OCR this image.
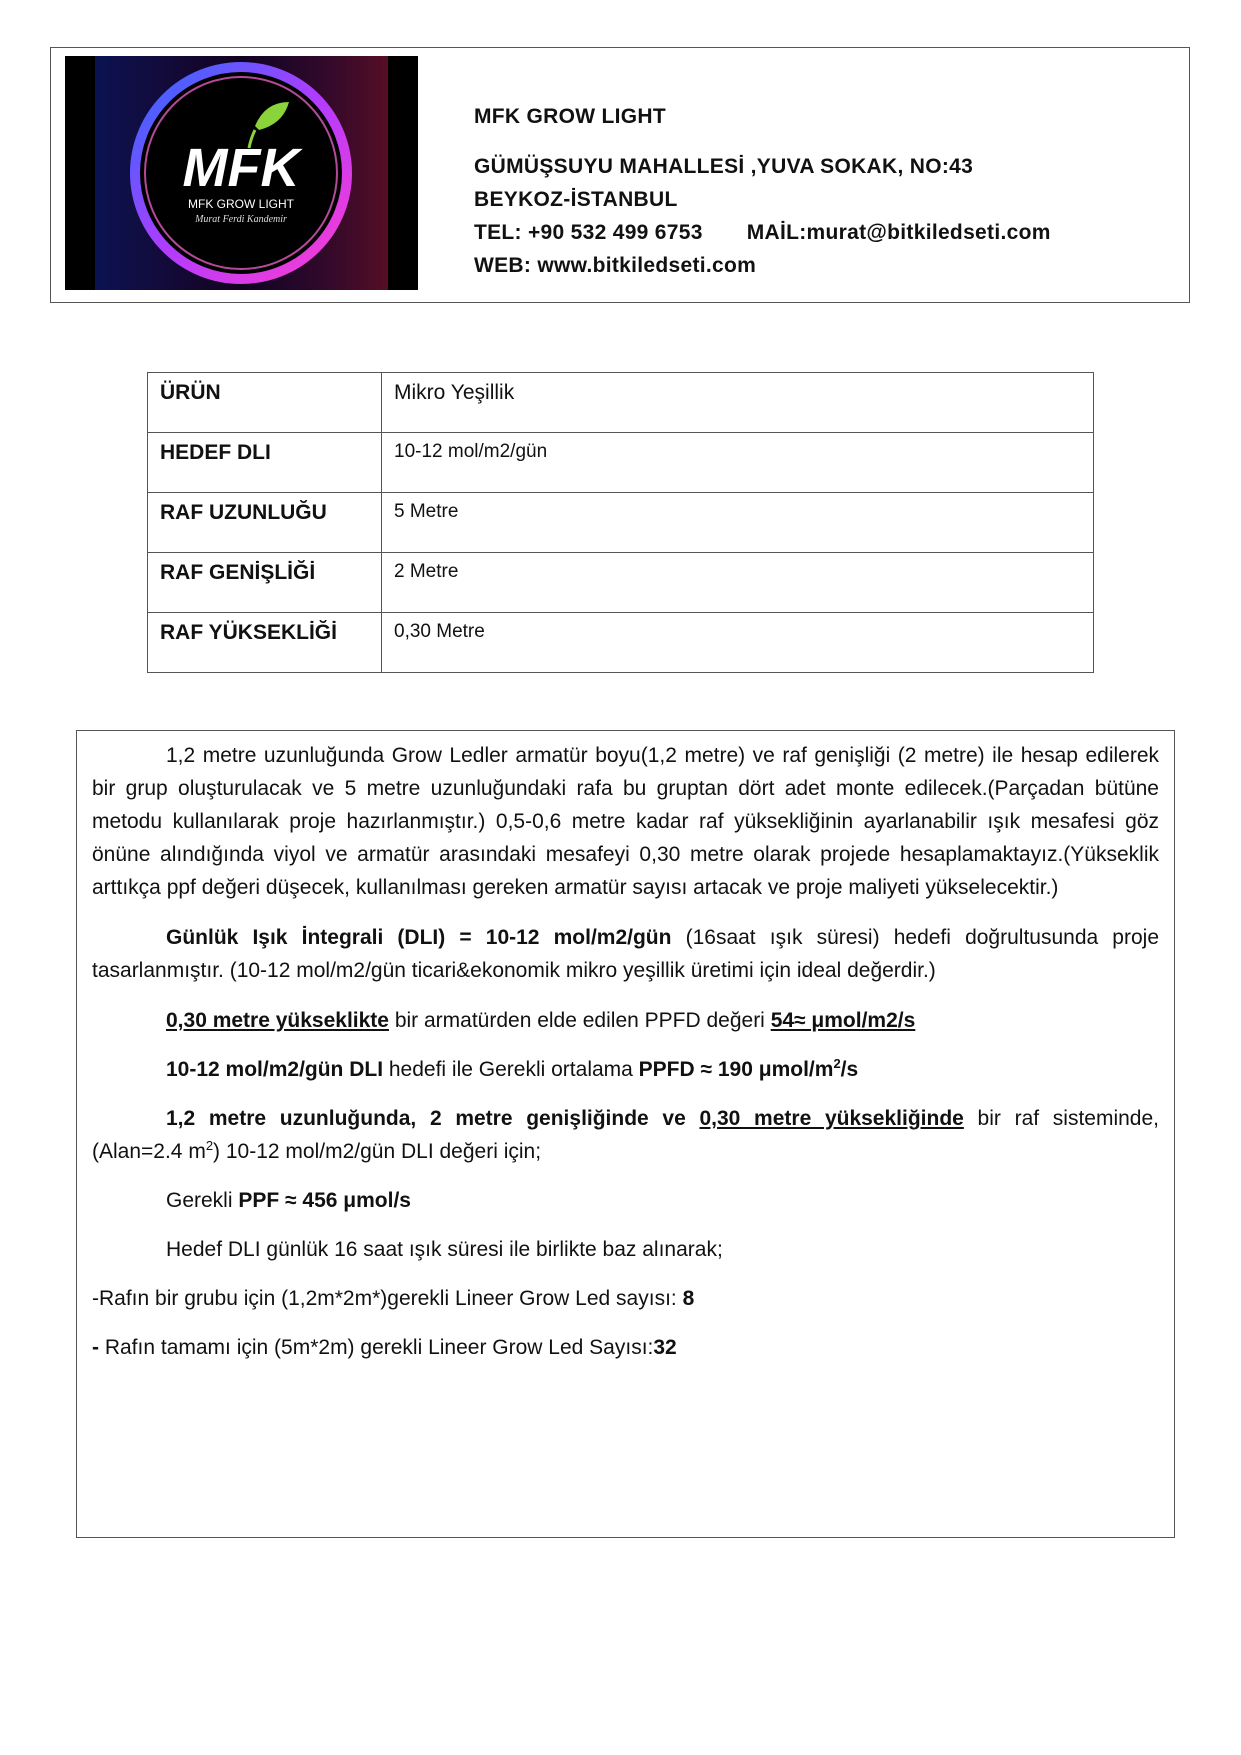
MFK
MFK GROW LIGHT
Murat Ferdi Kandemir
MFK GROW LIGHT
GÜMÜŞSUYU MAHALLESİ ,YUVA SOKAK, NO:43
BEYKOZ-İSTANBUL
TEL: +90 532 499 6753 MAİL:murat@bitkiledseti.com
WEB: www.bitkiledseti.com
ÜRÜN	Mikro Yeşillik
HEDEF DLI	10-12 mol/m2/gün
RAF UZUNLUĞU	5 Metre
RAF GENİŞLİĞİ	2 Metre
RAF YÜKSEKLİĞİ	0,30 Metre

1,2 metre uzunluğunda Grow Ledler armatür boyu(1,2 metre) ve raf genişliği (2 metre) ile hesap edilerek bir grup oluşturulacak ve 5 metre uzunluğundaki rafa bu gruptan dört adet monte edilecek.(Parçadan bütüne metodu kullanılarak proje hazırlanmıştır.) 0,5-0,6 metre kadar raf yüksekliğinin ayarlanabilir ışık mesafesi göz önüne alındığında viyol ve armatür arasındaki mesafeyi 0,30 metre olarak projede hesaplamaktayız.(Yükseklik arttıkça ppf değeri düşecek, kullanılması gereken armatür sayısı artacak ve proje maliyeti yükselecektir.)

Günlük Işık İntegrali (DLI) = 10-12 mol/m2/gün (16saat ışık süresi) hedefi doğrultusunda proje tasarlanmıştır. (10-12 mol/m2/gün ticari&ekonomik mikro yeşillik üretimi için ideal değerdir.)

0,30 metre yükseklikte bir armatürden elde edilen PPFD değeri 54≈ μmol/m2/s

10-12 mol/m2/gün DLI hedefi ile Gerekli ortalama PPFD ≈ 190 μmol/$m^2/s$

1,2 metre uzunluğunda, 2 metre genişliğinde ve 0,30 metre yüksekliğinde bir raf sisteminde, (Alan=2.4 $m^2$) 10-12 mol/m2/gün DLI değeri için;

Gerekli PPF ≈ 456 μmol/s

Hedef DLI günlük 16 saat ışık süresi ile birlikte baz alınarak;

-Rafın bir grubu için (1,2m*2m*)gerekli Lineer Grow Led sayısı: 8

- Rafın tamamı için (5m*2m) gerekli Lineer Grow Led Sayısı:32
